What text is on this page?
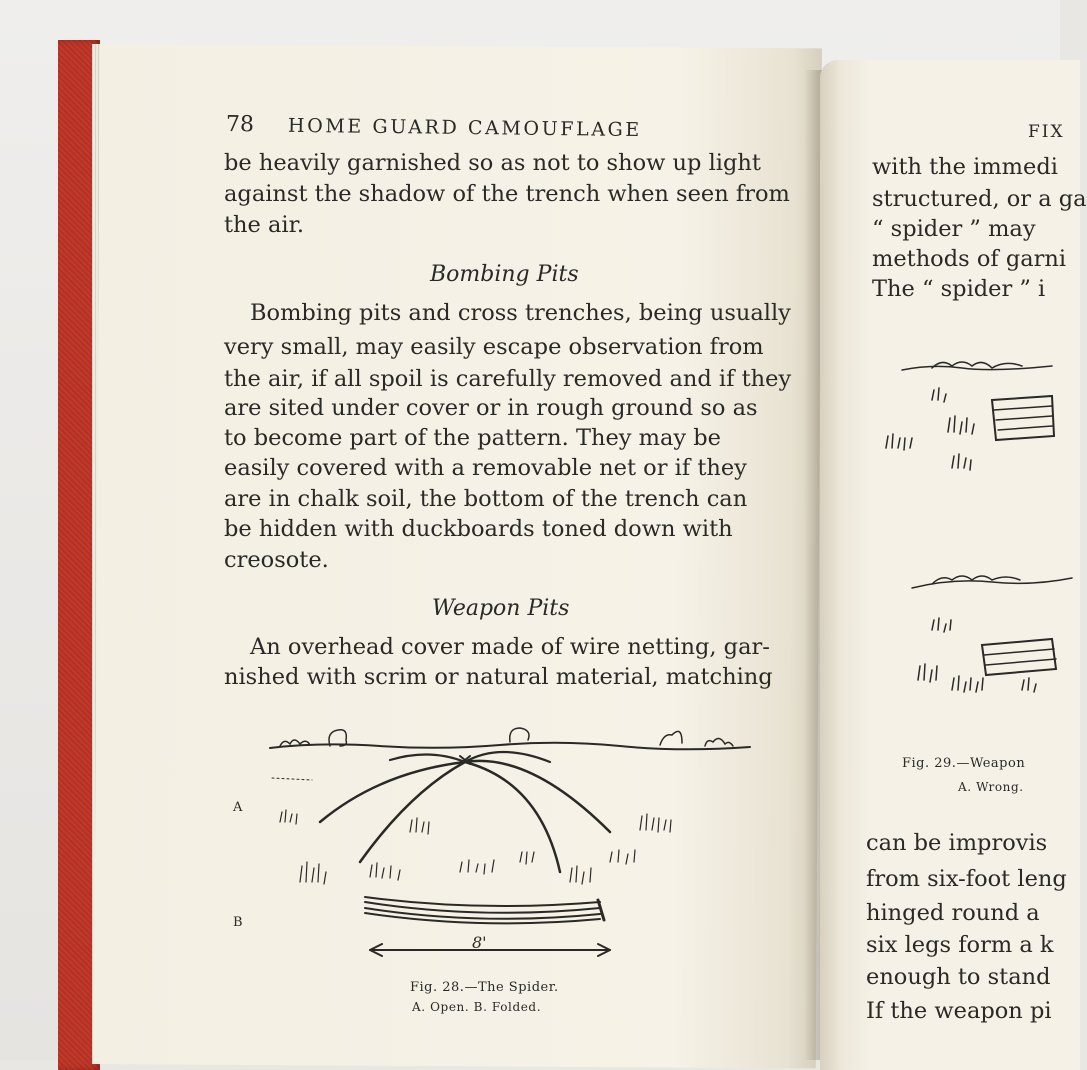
78 HOME GUARD CAMOUFLAGE
be heavily garnished so as not to show up light
against the shadow of the trench when seen from
the air.
Bombing Pits
Bombing pits and cross trenches, being usually
very small, may easily escape observation from
the air, if all spoil is carefully removed and if they
are sited under cover or in rough ground so as
to become part of the pattern. They may be
easily covered with a removable net or if they
are in chalk soil, the bottom of the trench can
be hidden with duckboards toned down with
creosote.
Weapon Pits
An overhead cover made of wire netting, gar-
nished with scrim or natural material, matching
8'
A
B
Fig. 28.—The Spider.
A. Open. B. Folded.
FIX
with the immedi
structured, or a ga
“ spider ” may
methods of garni
The “ spider ” i
Fig. 29.—Weapon
A. Wrong.
can be improvis
from six-foot leng
hinged round a
six legs form a k
enough to stand
If the weapon pi
